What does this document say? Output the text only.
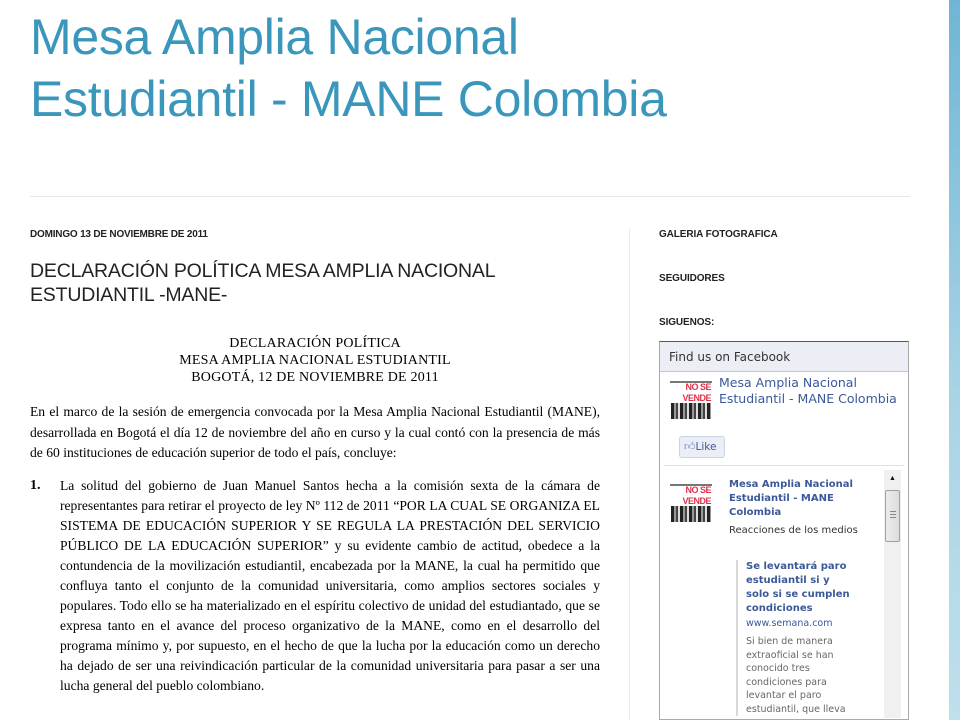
Mesa Amplia Nacional
Estudiantil - MANE Colombia
DOMINGO 13 DE NOVIEMBRE DE 2011
DECLARACIÓN POLÍTICA MESA AMPLIA NACIONAL ESTUDIANTIL -MANE-
DECLARACIÓN POLÍTICA
MESA AMPLIA NACIONAL ESTUDIANTIL
BOGOTÁ, 12 DE NOVIEMBRE DE 2011

En el marco de la sesión de emergencia convocada por la Mesa Amplia Nacional Estudiantil (MANE), desarrollada en Bogotá el día 12 de noviembre del año en curso y la cual contó con la presencia de más de 60 instituciones de educación superior de todo el país, concluye:

1.	La solitud del gobierno de Juan Manuel Santos hecha a la comisión sexta de la cámara de representantes para retirar el proyecto de ley Nº 112 de 2011 “POR LA CUAL SE ORGANIZA EL SISTEMA DE EDUCACIÓN SUPERIOR Y SE REGULA LA PRESTACIÓN DEL SERVICIO PÚBLICO DE LA EDUCACIÓN SUPERIOR” y su evidente cambio de actitud, obedece a la contundencia de la movilización estudiantil, encabezada por la MANE, la cual ha permitido que confluya tanto el conjunto de la comunidad universitaria, como amplios sectores sociales y populares. Todo ello se ha materializado en el espíritu colectivo de unidad del estudiantado, que se expresa tanto en el avance del proceso organizativo de la MANE, como en el desarrollo del programa mínimo y, por supuesto, en el hecho de que la lucha por la educación como un derecho ha dejado de ser una reivindicación particular de la comunidad universitaria para pasar a ser una lucha general del pueblo colombiano.
GALERIA FOTOGRAFICA
SEGUIDORES
SIGUENOS:
Find us on Facebook
NO SE
VENDE
Mesa Amplia Nacional Estudiantil - MANE Colombia
👍︎Like
NO SE
VENDE
Mesa Amplia Nacional Estudiantil - MANE Colombia
Reacciones de los medios
Se levantará paro estudiantil si y solo si se cumplen condiciones
www.semana.com
Si bien de manera extraoficial se han conocido tres condiciones para levantar el paro estudiantil, que lleva
▲
